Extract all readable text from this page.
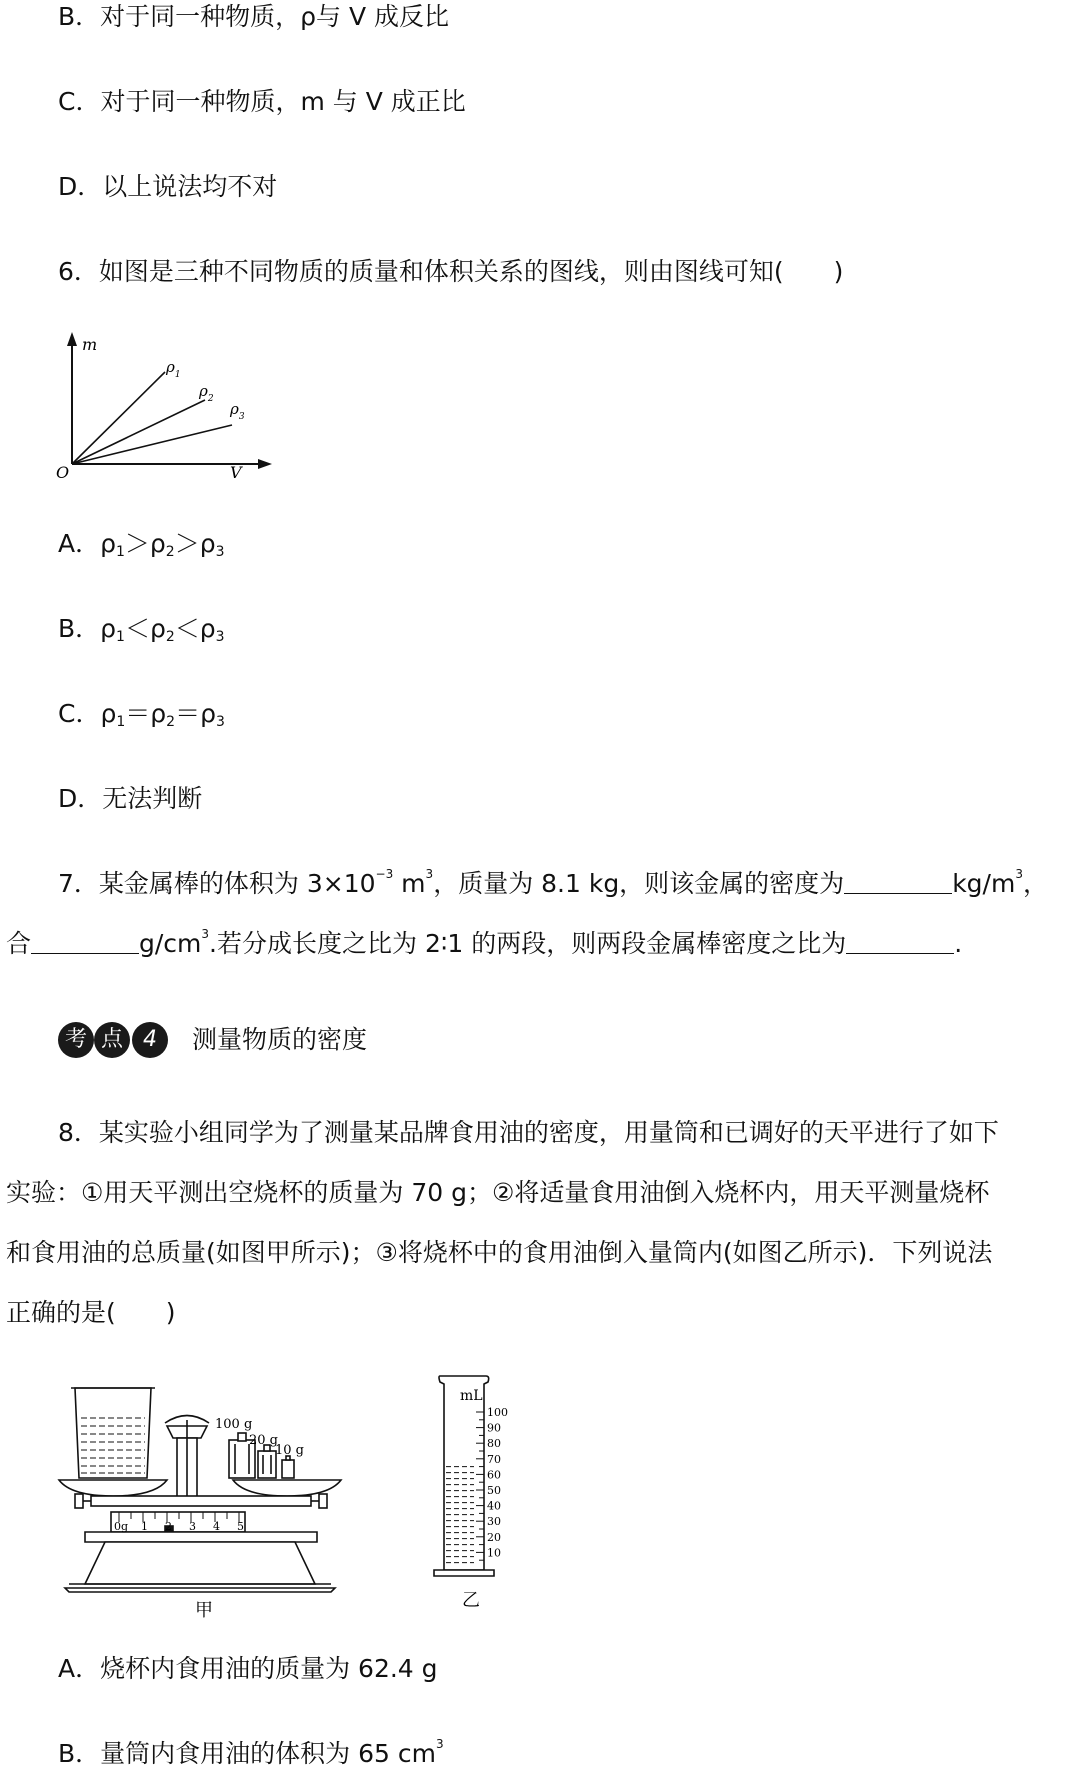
B．对于同一种物质，ρ与 V 成反比
C．对于同一种物质，m 与 V 成正比
D．以上说法均不对
6．如图是三种不同物质的质量和体积关系的图线，则由图线可知(　　)
m
V
O
$\rho_1$
$\rho_2$
$\rho_3$
A．$\rho_1>\rho_2>\rho_3$
B．$\rho_1<\rho_2<\rho_3$
C．$\rho_1=\rho_2=\rho_3$
D．无法判断
7．某金属棒的体积为 $3\times 10^{-3}$ $m^3$，质量为 8.1 kg，则该金属的密度为	$kg/m^3$，
合	$g/cm^3$.若分成长度之比为 2∶1 的两段，则两段金属棒密度之比为	.
考 点 4	测量物质的密度
8．某实验小组同学为了测量某品牌食用油的密度，用量筒和已调好的天平进行了如下
实验：①用天平测出空烧杯的质量为 70 g；②将适量食用油倒入烧杯内，用天平测量烧杯
和食用油的总质量(如图甲所示)；③将烧杯中的食用油倒入量筒内(如图乙所示)．下列说法
正确的是(　　)
100 g
20 g
10 g
0g 1 2 3 4 5
甲
100
90
80
70
60
50
40
30
20
10
mL
乙
A．烧杯内食用油的质量为 62.4 g
B．量筒内食用油的体积为 65 $cm^3$
